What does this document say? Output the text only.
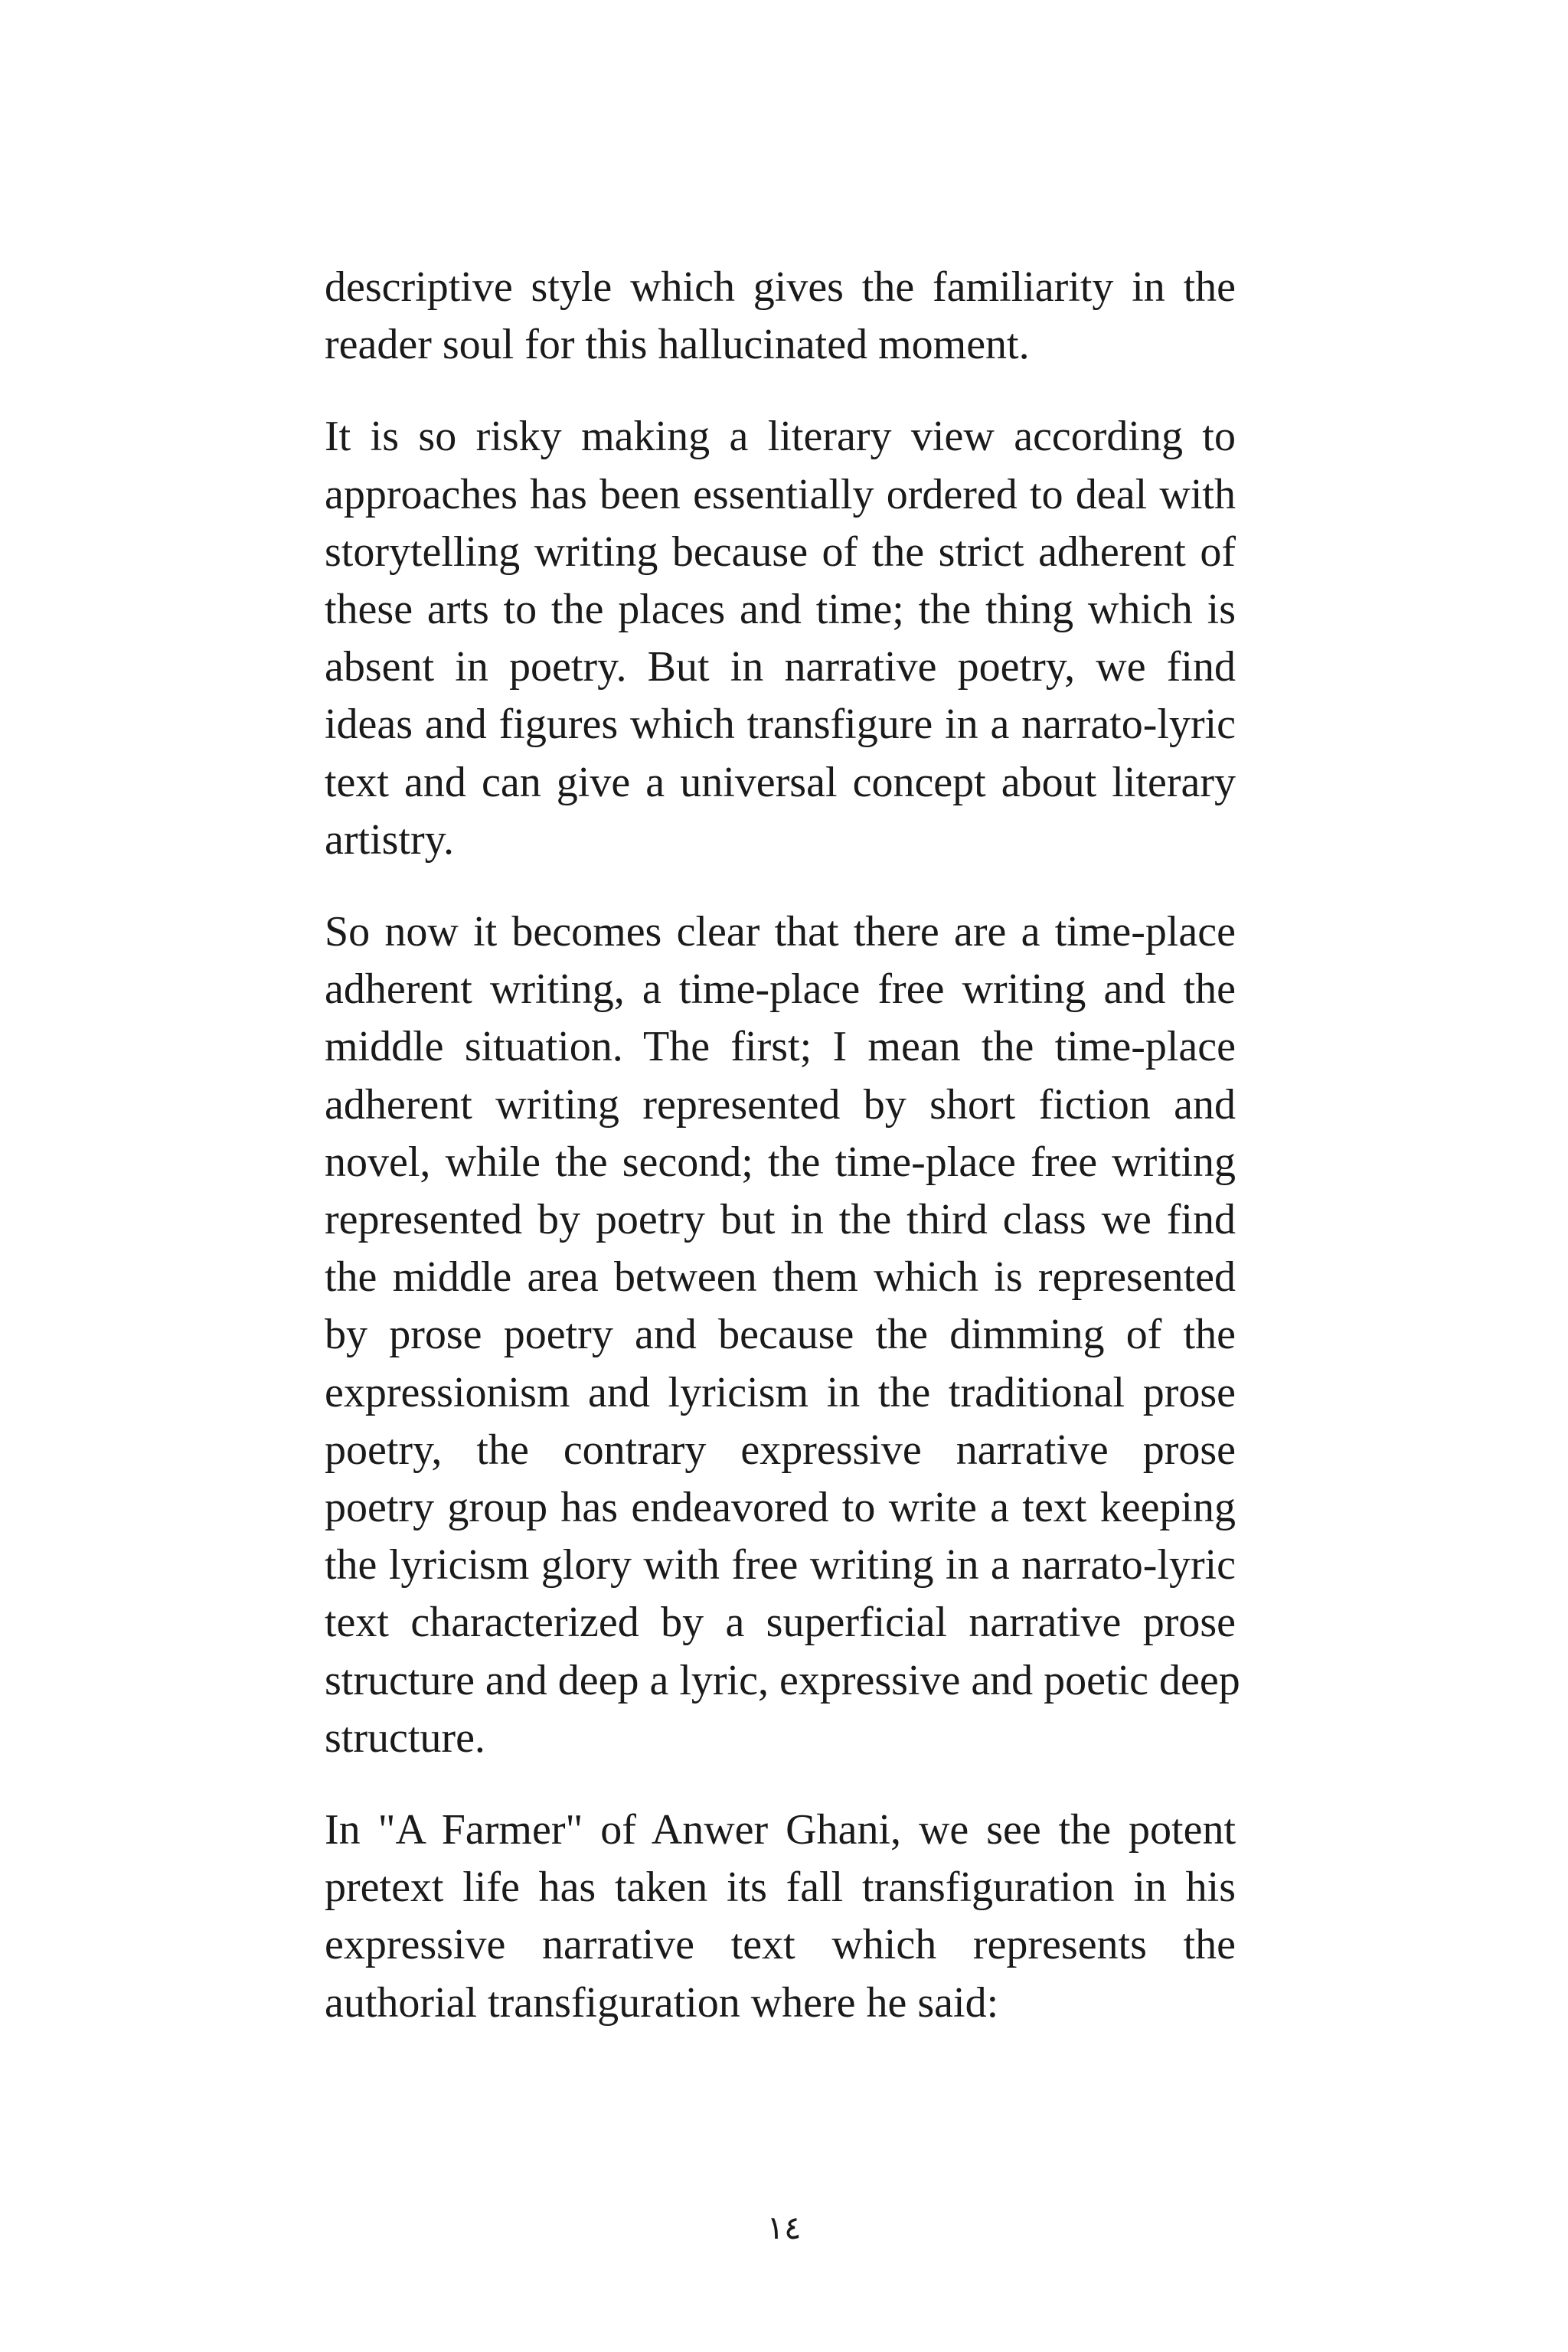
descriptive style which gives the familiarity in the
reader soul for this hallucinated moment.

It is so risky making a literary view according to
approaches has been essentially ordered to deal with
storytelling writing because of the strict adherent of
these arts to the places and time; the thing which is
absent in poetry. But in narrative poetry, we find
ideas and figures which transfigure in a narrato-lyric
text and can give a universal concept about literary
artistry.

So now it becomes clear that there are a time-place
adherent writing, a time-place free writing and the
middle situation. The first; I mean the time-place
adherent writing represented by short fiction and
novel, while the second; the time-place free writing
represented by poetry but in the third class we find
the middle area between them which is represented
by prose poetry and because the dimming of the
expressionism and lyricism in the traditional prose
poetry, the contrary expressive narrative prose
poetry group has endeavored to write a text keeping
the lyricism glory with free writing in a narrato-lyric
text characterized by a superficial narrative prose
structure and deep a lyric, expressive and poetic deep
structure.

In "A Farmer" of Anwer Ghani, we see the potent
pretext life has taken its fall transfiguration in his
expressive narrative text which represents the
authorial transfiguration where he said:

١٤
